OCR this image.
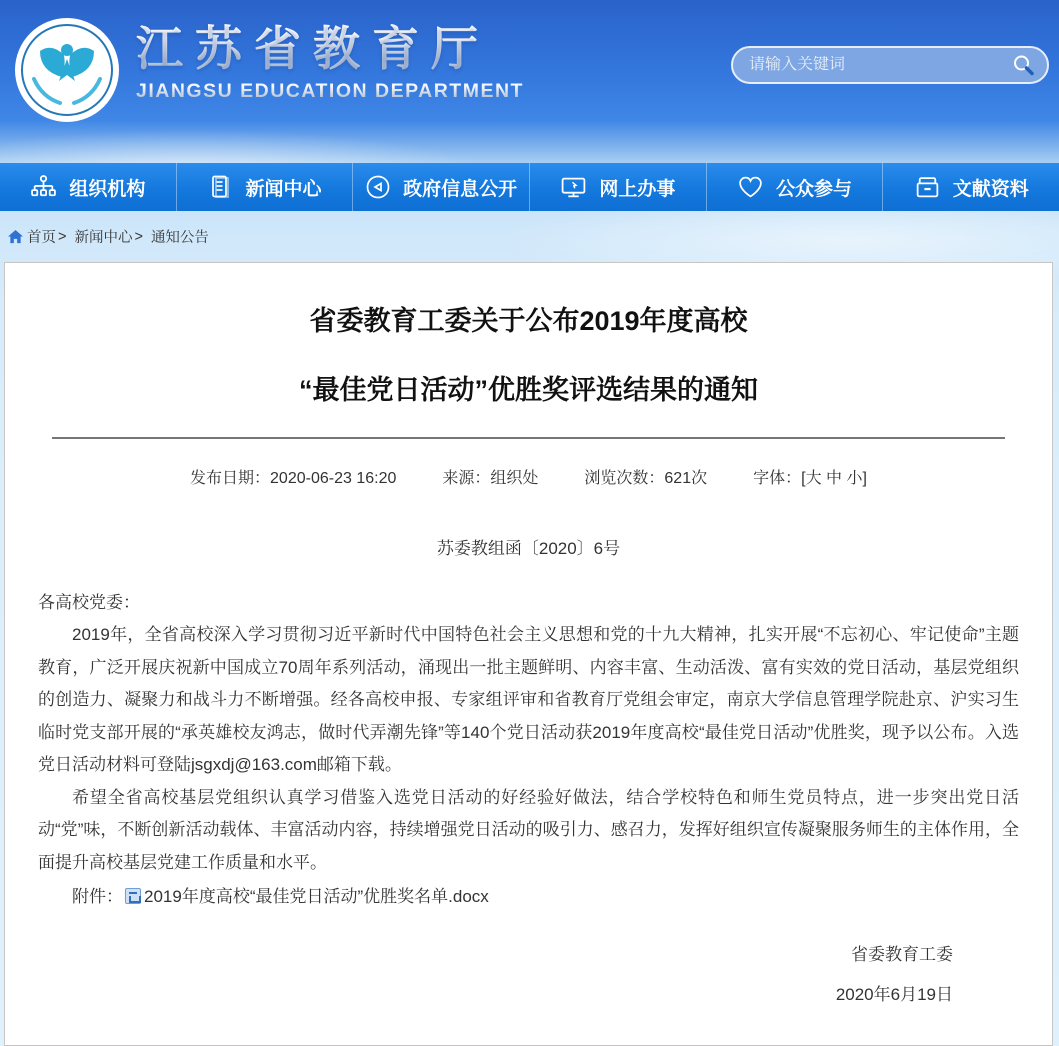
江苏省教育厅
JIANGSU EDUCATION DEPARTMENT
请输入关键词
组织机构	新闻中心	政府信息公开	网上办事	公众参与	文献资料
首页 > 新闻中心 > 通知公告
省委教育工委关于公布2019年度高校
“最佳党日活动”优胜奖评选结果的通知
发布日期：2020-06-23 16:20	来源：组织处	浏览次数：621次	字体：[大 中 小]
苏委教组函〔2020〕6号

各高校党委：

2019年，全省高校深入学习贯彻习近平新时代中国特色社会主义思想和党的十九大精神，扎实开展“不忘初心、牢记使命”主题教育，广泛开展庆祝新中国成立70周年系列活动，涌现出一批主题鲜明、内容丰富、生动活泼、富有实效的党日活动，基层党组织的创造力、凝聚力和战斗力不断增强。经各高校申报、专家组评审和省教育厅党组会审定，南京大学信息管理学院赴京、沪实习生临时党支部开展的“承英雄校友鸿志，做时代弄潮先锋”等140个党日活动获2019年度高校“最佳党日活动”优胜奖，现予以公布。入选党日活动材料可登陆jsgxdj@163.com邮箱下载。

希望全省高校基层党组织认真学习借鉴入选党日活动的好经验好做法，结合学校特色和师生党员特点，进一步突出党日活动“党”味，不断创新活动载体、丰富活动内容，持续增强党日活动的吸引力、感召力，发挥好组织宣传凝聚服务师生的主体作用，全面提升高校基层党建工作质量和水平。

附件： 2019年度高校“最佳党日活动”优胜奖名单.docx
省委教育工委
2020年6月19日
